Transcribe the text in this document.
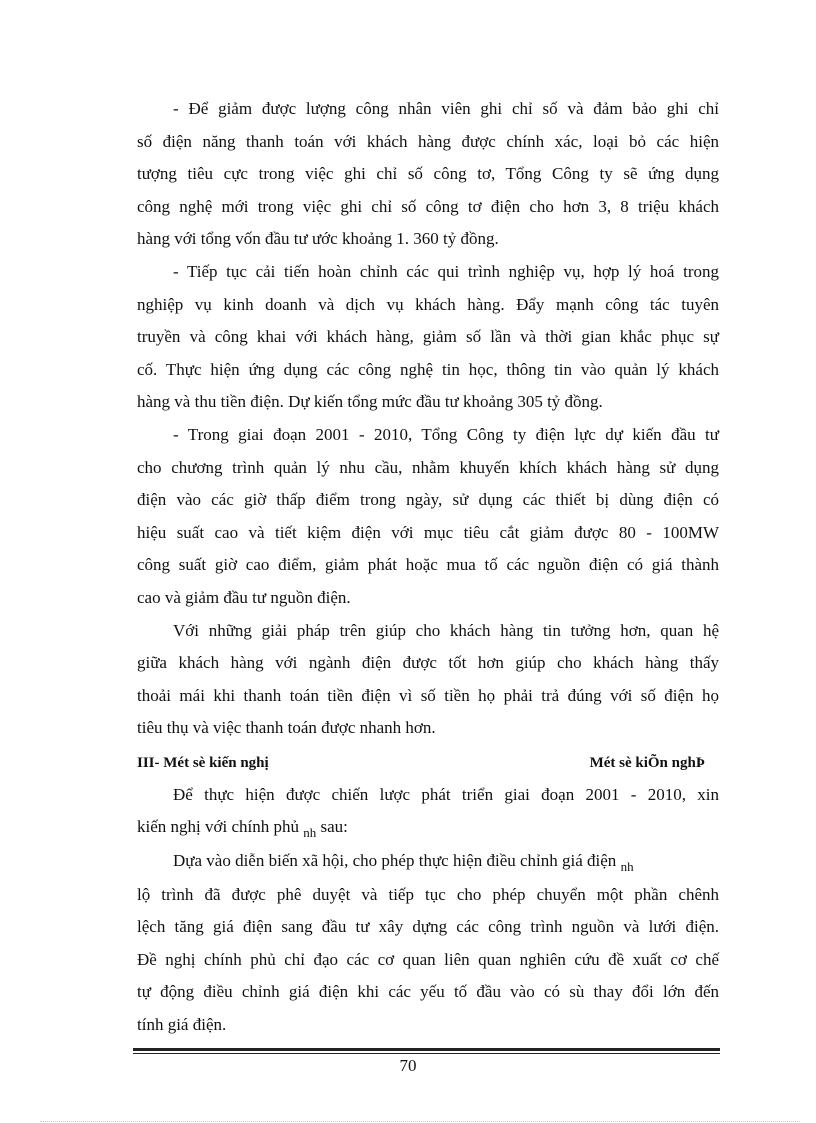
- Để giảm được lượng công nhân viên ghi chỉ số và đảm bảo ghi chỉ
số điện năng thanh toán với khách hàng được chính xác, loại bỏ các hiện
tượng tiêu cực trong việc ghi chỉ số công tơ, Tổng Công ty sẽ ứng dụng
công nghệ mới trong việc ghi chỉ số công tơ điện cho hơn 3, 8 triệu khách
hàng với tổng vốn đầu tư ước khoảng 1. 360 tỷ đồng.
- Tiếp tục cải tiến hoàn chỉnh các qui trình nghiệp vụ, hợp lý hoá trong
nghiệp vụ kinh doanh và dịch vụ khách hàng. Đẩy mạnh công tác tuyên
truyền và công khai với khách hàng, giảm số lần và thời gian khắc phục sự
cố. Thực hiện ứng dụng các công nghệ tin học, thông tin vào quản lý khách
hàng và thu tiền điện. Dự kiến tổng mức đầu tư khoảng 305 tỷ đồng.
- Trong giai đoạn 2001 - 2010, Tổng Công ty điện lực dự kiến đầu tư
cho chương trình quản lý nhu cầu, nhằm khuyến khích khách hàng sử dụng
điện vào các giờ thấp điểm trong ngày, sử dụng các thiết bị dùng điện có
hiệu suất cao và tiết kiệm điện với mục tiêu cắt giảm được 80 - 100MW
công suất giờ cao điểm, giảm phát hoặc mua tố các nguồn điện có giá thành
cao và giảm đầu tư nguồn điện.
Với những giải pháp trên giúp cho khách hàng tin tưởng hơn, quan hệ
giữa khách hàng với ngành điện được tốt hơn giúp cho khách hàng thấy
thoải mái khi thanh toán tiền điện vì số tiền họ phải trả đúng với số điện họ
tiêu thụ và việc thanh toán được nhanh hơn.
III- Mét sè kiến nghị	Mét sè kiÕn nghÞ
Để thực hiện được chiến lược phát triển giai đoạn 2001 - 2010, xin
kiến nghị với chính phủ $_{nh}$ sau:
Dựa vào diễn biến xã hội, cho phép thực hiện điều chỉnh giá điện $_{nh}$
lộ trình đã được phê duyệt và tiếp tục cho phép chuyển một phần chênh
lệch tăng giá điện sang đầu tư xây dựng các công trình nguồn và lưới điện.
Đề nghị chính phủ chỉ đạo các cơ quan liên quan nghiên cứu đề xuất cơ chế
tự động điều chỉnh giá điện khi các yếu tố đầu vào có sù thay đổi lớn đến
tính giá điện.
70
